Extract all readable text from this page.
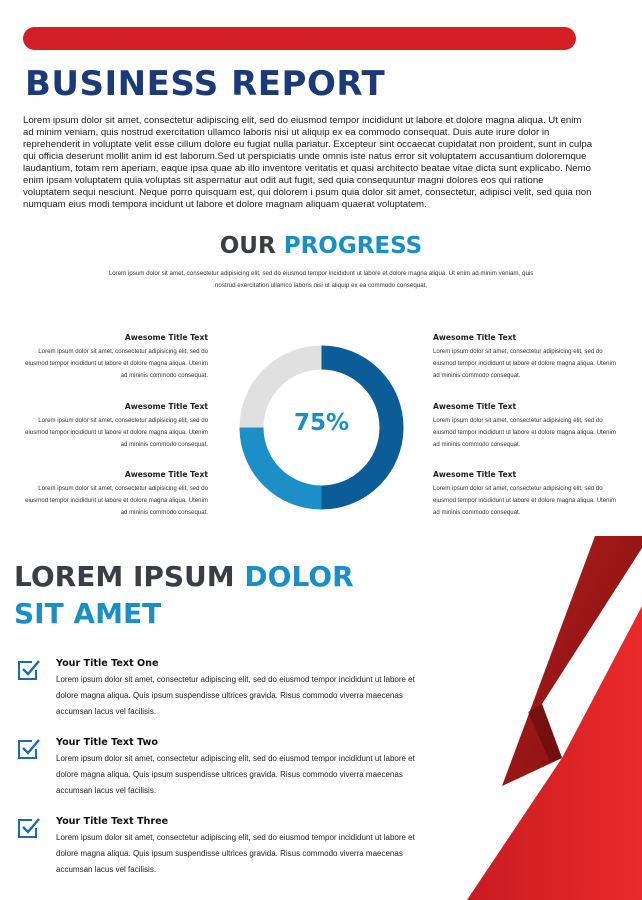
BUSINESS REPORT

Lorem ipsum dolor sit amet, consectetur adipiscing elit, sed do eiusmod tempor incididunt ut labore et dolore magna aliqua. Ut enim ad minim veniam, quis nostrud exercitation ullamco laboris nisi ut aliquip ex ea commodo consequat. Duis aute irure dolor in reprehenderit in voluptate velit esse cillum dolore eu fugiat nulla pariatur. Excepteur sint occaecat cupidatat non proident, sunt in culpa qui officia deserunt mollit anim id est laborum.Sed ut perspiciatis unde omnis iste natus error sit voluptatem accusantium doloremque laudantium, totam rem aperiam, eaque ipsa quae ab illo inventore veritatis et quasi architecto beatae vitae dicta sunt explicabo. Nemo enim ipsam voluptatem quia voluptas sit aspernatur aut odit aut fugit, sed quia consequuntur magni dolores eos qui ratione voluptatem sequi nesciunt. Neque porro quisquam est, qui dolorem i psum quia dolor sit amet, consectetur, adipisci velit, sed quia non numquam eius modi tempora incidunt ut labore et dolore magnam aliquam quaerat voluptatem.

OUR PROGRESS

Lorem ipsum dolor sit amet, consectetur adipisicing elit, sed do eiusmod tempor incididunt ut labore et dolore magna aliqua. Ut enim ad minim veniam, quis nostrud exercitation ullamco laboris nisi ut aliquip ex ea commodo consequat.

Awesome Title Text

Lorem ipsum dolor sit amet, consectetur adipisicing elit, sed do eiusmod tempor incididunt ut labore et dolore magna aliqua. Utenim ad mininis commodo consequat.

Awesome Title Text

Lorem ipsum dolor sit amet, consectetur adipisicing elit, sed do eiusmod tempor incididunt ut labore et dolore magna aliqua. Utenim ad mininis commodo consequat.

Awesome Title Text

Lorem ipsum dolor sit amet, consectetur adipisicing elit, sed do eiusmod tempor incididunt ut labore et dolore magna aliqua. Utenim ad mininis commodo consequat.

75%

Awesome Title Text

Lorem ipsum dolor sit amet, consectetur adipisicing elit, sed do eiusmod tempor incididunt ut labore et dolore magna aliqua. Utenim ad mininis commodo consequat.

Awesome Title Text

Lorem ipsum dolor sit amet, consectetur adipisicing elit, sed do eiusmod tempor incididunt ut labore et dolore magna aliqua. Utenim ad mininis commodo consequat.

Awesome Title Text

Lorem ipsum dolor sit amet, consectetur adipisicing elit, sed do eiusmod tempor incididunt ut labore et dolore magna aliqua. Utenim ad mininis commodo consequat.

LOREM IPSUM DOLOR
SIT AMET
Your Title Text One

Lorem ipsum dolor sit amet, consectetur adipiscing elit, sed do eiusmod tempor incididunt ut labore et dolore magna aliqua. Quis ipsum suspendisse ultrices gravida. Risus commodo viverra maecenas accumsan lacus vel facilisis.

Your Title Text Two

Lorem ipsum dolor sit amet, consectetur adipiscing elit, sed do eiusmod tempor incididunt ut labore et dolore magna aliqua. Quis ipsum suspendisse ultrices gravida. Risus commodo viverra maecenas accumsan lacus vel facilisis.

Your Title Text Three

Lorem ipsum dolor sit amet, consectetur adipiscing elit, sed do eiusmod tempor incididunt ut labore et dolore magna aliqua. Quis ipsum suspendisse ultrices gravida. Risus commodo viverra maecenas accumsan lacus vel facilisis.
